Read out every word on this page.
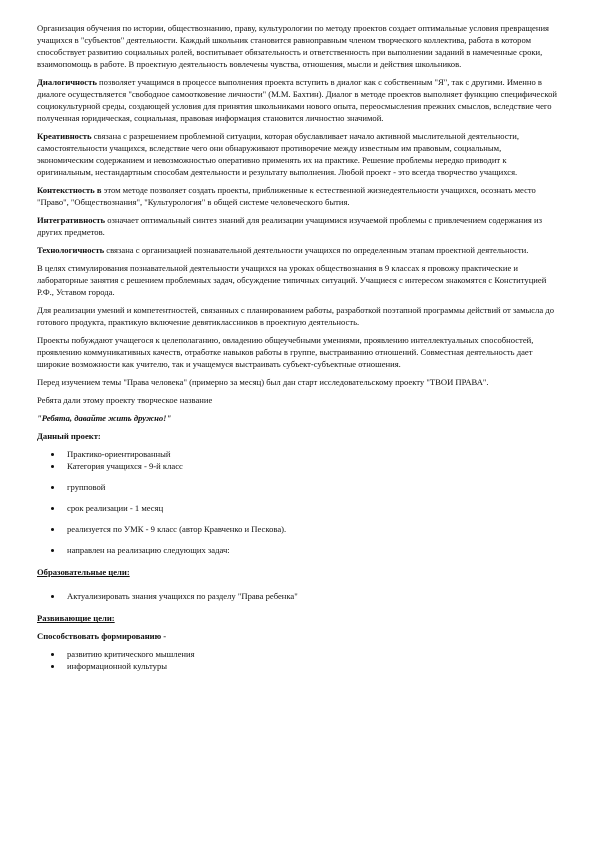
Организация обучения по истории, обществознанию, праву, культурологии по методу проектов создает оптимальные условия превращения учащихся в "субъектов" деятельности. Каждый школьник становится равноправным членом творческого коллектива, работа в котором способствует развитию социальных ролей, воспитывает обязательность и ответственность при выполнении заданий в намеченные сроки, взаимопомощь в работе. В проектную деятельность вовлечены чувства, отношения, мысли и действия школьников.

Диалогичность позволяет учащимся в процессе выполнения проекта вступить в диалог как с собственным "Я", так с другими. Именно в диалоге осуществляется "свободное самоотковение личности" (М.М. Бахтин). Диалог в методе проектов выполняет функцию специфической социокультурной среды, создающей условия для принятия школьниками нового опыта, переосмысления прежних смыслов, вследствие чего полученная юридическая, социальная, правовая информация становится личностно значимой.

Креативность связана с разрешением проблемной ситуации, которая обуславливает начало активной мыслительной деятельности, самостоятельности учащихся, вследствие чего они обнаруживают противоречие между известным им правовым, социальным, экономическим содержанием и невозможностью оперативно применять их на практике. Решение проблемы нередко приводит к оригинальным, нестандартным способам деятельности и результату выполнения. Любой проект - это всегда творчество учащихся.

Контекстность в этом методе позволяет создать проекты, приближенные к естественной жизнедеятельности учащихся, осознать место "Право", "Обществознания", "Культурология" в общей системе человеческого бытия.

Интегративность означает оптимальный синтез знаний для реализации учащимися изучаемой проблемы с привлечением содержания из других предметов.

Технологичность связана с организацией познавательной деятельности учащихся по определенным этапам проектной деятельности.

В целях стимулирования познавательной деятельности учащихся на уроках обществознания в 9 классах я провожу практические и лабораторные занятия с решением проблемных задач, обсуждение типичных ситуаций. Учащиеся с интересом знакомятся с Конституцией Р.Ф., Уставом города.

Для реализации умений и компетентностей, связанных с планированием работы, разработкой поэтапной программы действий от замысла до готового продукта, практикую включение девятиклассников в проектную деятельность.

Проекты побуждают учащегося к целеполаганию, овладению общеучебными умениями, проявлению интеллектуальных способностей, проявлению коммуникативных качеств, отработке навыков работы в группе, выстраиванию отношений. Совместная деятельность дает широкие возможности как учителю, так и учащемуся выстраивать субъект-субъектные отношения.

Перед изучением темы "Права человека" (примерно за месяц) был дан старт исследовательскому проекту "ТВОИ ПРАВА".

Ребята дали этому проекту творческое название

"Ребята, давайте жить дружно!"

Данный проект:

• Практико-ориентированный
• Категория учащихся - 9-й класс
• групповой
• срок реализации - 1 месяц
• реализуется по УМК - 9 класс (автор Кравченко и Пескова).
• направлен на реализацию следующих задач:

Образовательные цели:

• Актуализировать знания учащихся по разделу "Права ребенка"

Развивающие цели:

Способствовать формированию -

• развитию критического мышления
• информационной культуры
